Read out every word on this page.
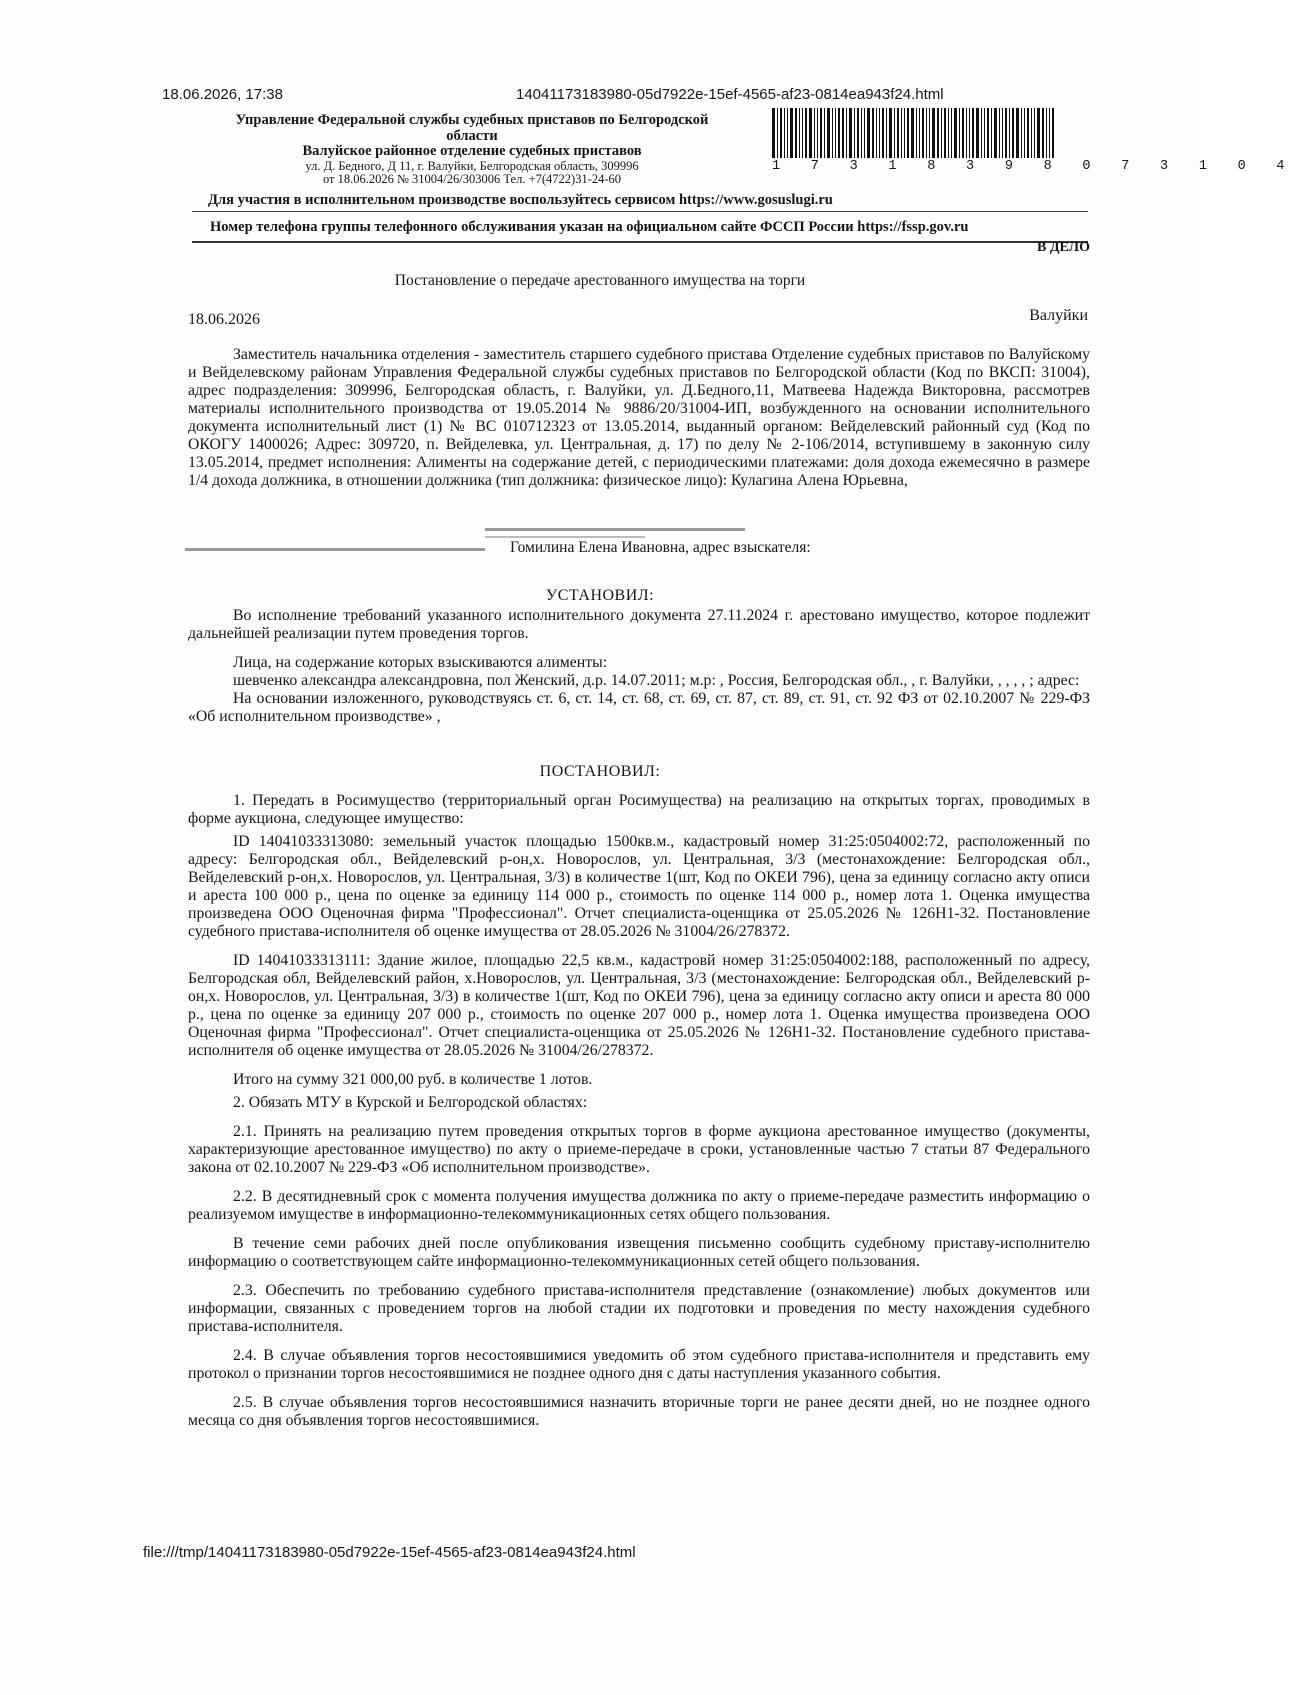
18.06.2026, 17:38	14041173183980-05d7922e-15ef-4565-af23-0814ea943f24.html
Управление Федеральной службы судебных приставов по Белгородской
области
Валуйское районное отделение судебных приставов
ул. Д. Бедного, Д 11, г. Валуйки, Белгородская область, 309996
от 18.06.2026 № 31004/26/303006 Тел. +7(4722)31-24-60
1 7 3 1 8 3 9 8 0 7 3 1 0 4
Для участия в исполнительном производстве воспользуйтесь сервисом https://www.gosuslugi.ru
Номер телефона группы телефонного обслуживания указан на официальном сайте ФССП России https://fssp.gov.ru
В ДЕЛО
Постановление о передаче арестованного имущества на торги
18.06.2026	Валуйки

Заместитель начальника отделения - заместитель старшего судебного пристава Отделение судебных приставов по Валуйскому и Вейделевскому районам Управления Федеральной службы судебных приставов по Белгородской области (Код по ВКСП: 31004), адрес подразделения: 309996, Белгородская область, г. Валуйки, ул. Д.Бедного,11, Матвеева Надежда Викторовна, рассмотрев материалы исполнительного производства от 19.05.2014 № 9886/20/31004-ИП, возбужденного на основании исполнительного документа исполнительный лист (1) № ВС 010712323 от 13.05.2014, выданный органом: Вейделевский районный суд (Код по ОКОГУ 1400026; Адрес: 309720, п. Вейделевка, ул. Центральная, д. 17) по делу № 2-106/2014, вступившему в законную силу 13.05.2014, предмет исполнения: Алименты на содержание детей, с периодическими платежами: доля дохода ежемесячно в размере 1/4 дохода должника, в отношении должника (тип должника: физическое лицо): Кулагина Алена Юрьевна,

Гомилина Елена Ивановна, адрес взыскателя:
УСТАНОВИЛ:

Во исполнение требований указанного исполнительного документа 27.11.2024 г. арестовано имущество, которое подлежит дальнейшей реализации путем проведения торгов.

Лица, на содержание которых взыскиваются алименты:

шевченко александра александровна, пол Женский, д.р. 14.07.2011; м.р: , Россия, Белгородская обл., , г. Валуйки, , , , , ; адрес:

На основании изложенного, руководствуясь ст. 6, ст. 14, ст. 68, ст. 69, ст. 87, ст. 89, ст. 91, ст. 92 ФЗ от 02.10.2007 № 229-ФЗ «Об исполнительном производстве» ,

ПОСТАНОВИЛ:

1. Передать в Росимущество (территориальный орган Росимущества) на реализацию на открытых торгах, проводимых в форме аукциона, следующее имущество:

ID 14041033313080: земельный участок площадью 1500кв.м., кадастровый номер 31:25:0504002:72, расположенный по адресу: Белгородская обл., Вейделевский р-он,х. Новорослов, ул. Центральная, 3/3 (местонахождение: Белгородская обл., Вейделевский р-он,х. Новорослов, ул. Центральная, 3/3) в количестве 1(шт, Код по ОКЕИ 796), цена за единицу согласно акту описи и ареста 100 000 р., цена по оценке за единицу 114 000 р., стоимость по оценке 114 000 р., номер лота 1. Оценка имущества произведена ООО Оценочная фирма "Профессионал". Отчет специалиста-оценщика от 25.05.2026 № 126Н1-32. Постановление судебного пристава-исполнителя об оценке имущества от 28.05.2026 № 31004/26/278372.

ID 14041033313111: Здание жилое, площадью 22,5 кв.м., кадастровй номер 31:25:0504002:188, расположенный по адресу, Белгородская обл, Вейделевский район, х.Новорослов, ул. Центральная, 3/3 (местонахождение: Белгородская обл., Вейделевский р-он,х. Новорослов, ул. Центральная, 3/3) в количестве 1(шт, Код по ОКЕИ 796), цена за единицу согласно акту описи и ареста 80 000 р., цена по оценке за единицу 207 000 р., стоимость по оценке 207 000 р., номер лота 1. Оценка имущества произведена ООО Оценочная фирма "Профессионал". Отчет специалиста-оценщика от 25.05.2026 № 126Н1-32. Постановление судебного пристава-исполнителя об оценке имущества от 28.05.2026 № 31004/26/278372.

Итого на сумму 321 000,00 руб. в количестве 1 лотов.

2. Обязать МТУ в Курской и Белгородской областях:

2.1. Принять на реализацию путем проведения открытых торгов в форме аукциона арестованное имущество (документы, характеризующие арестованное имущество) по акту о приеме-передаче в сроки, установленные частью 7 статьи 87 Федерального закона от 02.10.2007 № 229-ФЗ «Об исполнительном производстве».

2.2. В десятидневный срок с момента получения имущества должника по акту о приеме-передаче разместить информацию о реализуемом имуществе в информационно-телекоммуникационных сетях общего пользования.

В течение семи рабочих дней после опубликования извещения письменно сообщить судебному приставу-исполнителю информацию о соответствующем сайте информационно-телекоммуникационных сетей общего пользования.

2.3. Обеспечить по требованию судебного пристава-исполнителя представление (ознакомление) любых документов или информации, связанных с проведением торгов на любой стадии их подготовки и проведения по месту нахождения судебного пристава-исполнителя.

2.4. В случае объявления торгов несостоявшимися уведомить об этом судебного пристава-исполнителя и представить ему протокол о признании торгов несостоявшимися не позднее одного дня с даты наступления указанного события.

2.5. В случае объявления торгов несостоявшимися назначить вторичные торги не ранее десяти дней, но не позднее одного месяца со дня объявления торгов несостоявшимися.

file:///tmp/14041173183980-05d7922e-15ef-4565-af23-0814ea943f24.html
